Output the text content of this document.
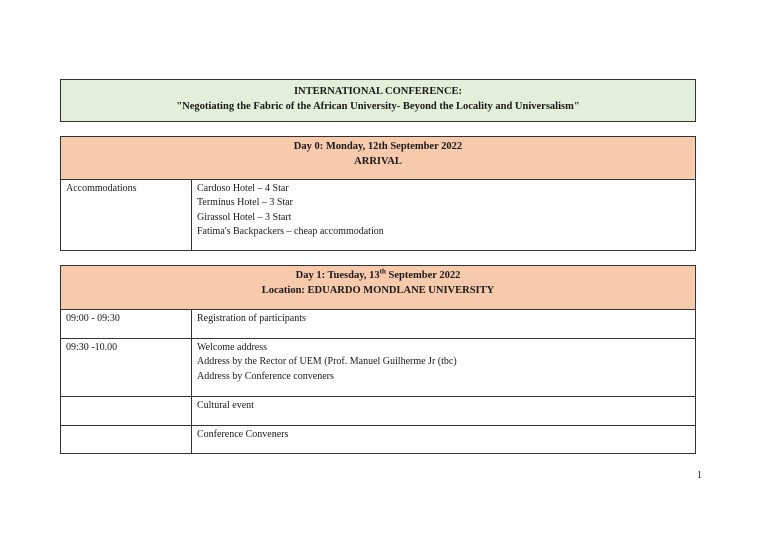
INTERNATIONAL CONFERENCE:
"Negotiating the Fabric of the African University- Beyond the Locality and Universalism"
Day 0: Monday, 12th September 2022
ARRIVAL
Accommodations	Cardoso Hotel – 4 Star
Terminus Hotel – 3 Star
Girassol Hotel – 3 Start
Fatima's Backpackers – cheap accommodation
Day 1: Tuesday, 13th September 2022
Location: EDUARDO MONDLANE UNIVERSITY
09:00 - 09:30	Registration of participants

09:30 -10.00	Welcome address
Address by the Rector of UEM (Prof. Manuel Guilherme Jr (tbc)
Address by Conference conveners

	Cultural event

	Conference Conveners
1
